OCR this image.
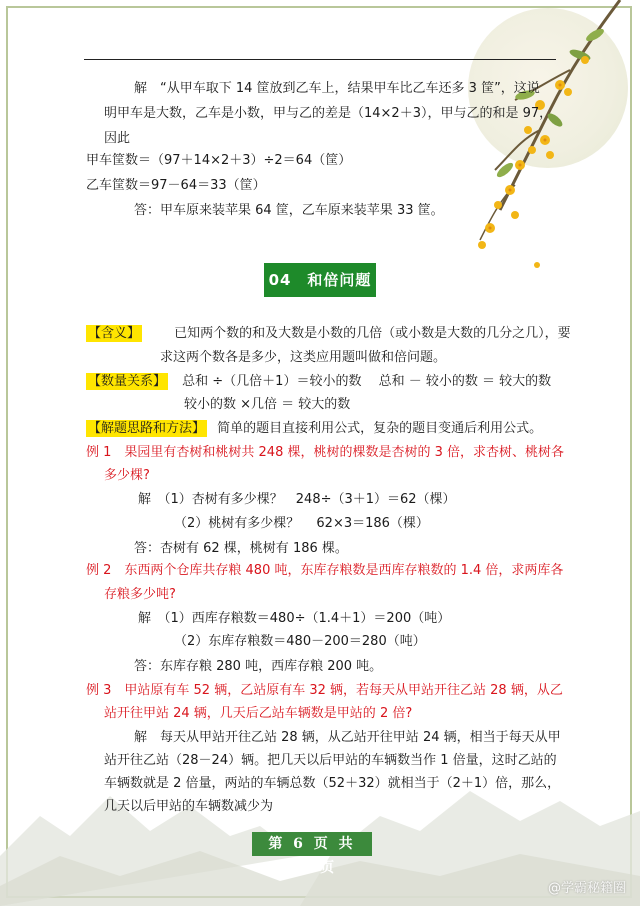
解　“从甲车取下 14 筐放到乙车上，结果甲车比乙车还多 3 筐”，这说
明甲车是大数，乙车是小数，甲与乙的差是（14×2＋3），甲与乙的和是 97，
因此
甲车筐数＝（97＋14×2＋3）÷2＝64（筐）
乙车筐数＝97－64＝33（筐）
答：甲车原来装苹果 64 筐，乙车原来装苹果 33 筐。
04　和倍问题
【含义】	已知两个数的和及大数是小数的几倍（或小数是大数的几分之几），要
求这两个数各是多少，这类应用题叫做和倍问题。
【数量关系】 总和 ÷（几倍＋1）＝较小的数　 总和 － 较小的数 ＝ 较大的数
较小的数 ×几倍 ＝ 较大的数
【解题思路和方法】 简单的题目直接利用公式，复杂的题目变通后利用公式。
例 1　果园里有杏树和桃树共 248 棵，桃树的棵数是杏树的 3 倍，求杏树、桃树各
多少棵?
解　（1）杏树有多少棵？　248÷（3＋1）＝62（棵）
（2）桃树有多少棵？　 62×3＝186（棵）
答：杏树有 62 棵，桃树有 186 棵。
例 2　东西两个仓库共存粮 480 吨，东库存粮数是西库存粮数的 1.4 倍，求两库各
存粮多少吨?
解　（1）西库存粮数＝480÷（1.4＋1）＝200（吨）
（2）东库存粮数＝480－200＝280（吨）
答：东库存粮 280 吨，西库存粮 200 吨。
例 3　甲站原有车 52 辆，乙站原有车 32 辆，若每天从甲站开往乙站 28 辆，从乙
站开往甲站 24 辆，几天后乙站车辆数是甲站的 2 倍?
解　每天从甲站开往乙站 28 辆，从乙站开往甲站 24 辆，相当于每天从甲
站开往乙站（28－24）辆。把几天以后甲站的车辆数当作 1 倍量，这时乙站的
车辆数就是 2 倍量，两站的车辆总数（52＋32）就相当于（2＋1）倍，那么，
几天以后甲站的车辆数减少为
第 6 页 共 43 页
@学霸秘籍圈
